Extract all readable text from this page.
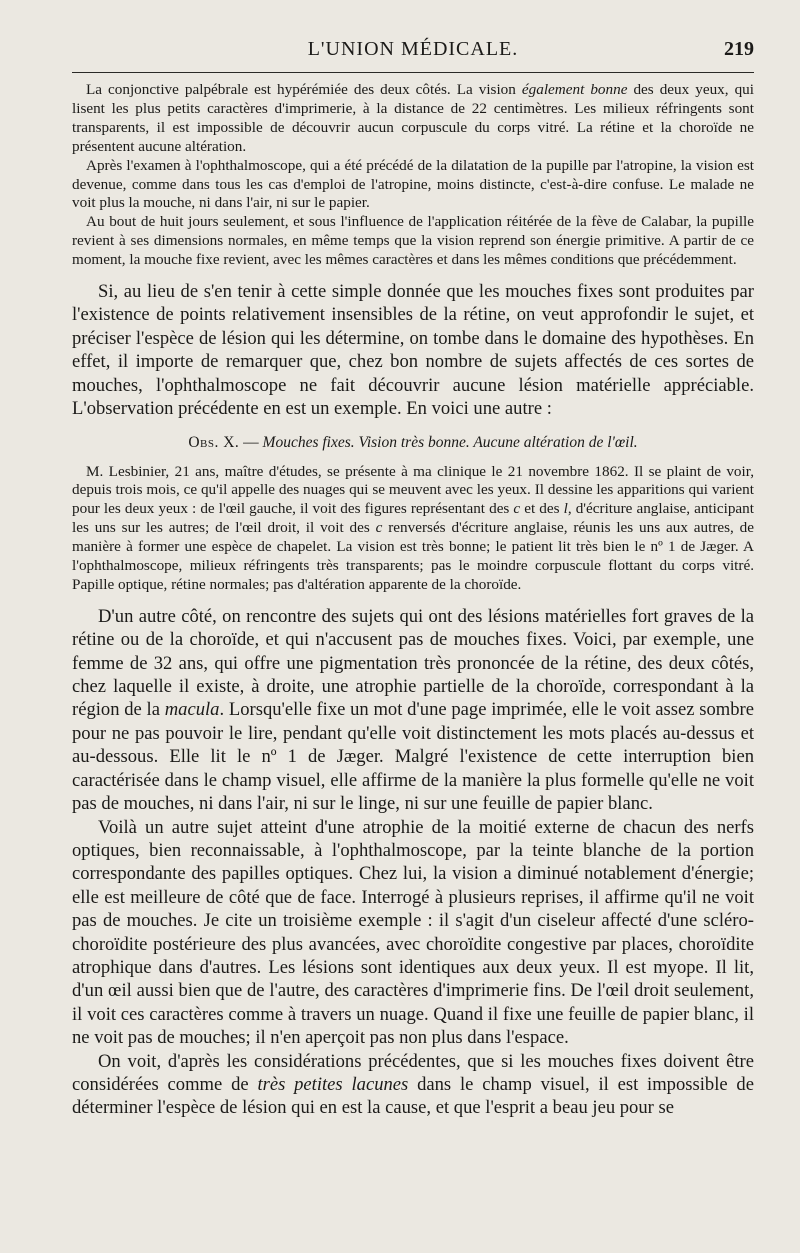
L'UNION MÉDICALE.	219

La conjonctive palpébrale est hypérémiée des deux côtés. La vision également bonne des deux yeux, qui lisent les plus petits caractères d'imprimerie, à la distance de 22 centimètres. Les milieux réfringents sont transparents, il est impossible de découvrir aucun corpuscule du corps vitré. La rétine et la choroïde ne présentent aucune altération.

Après l'examen à l'ophthalmoscope, qui a été précédé de la dilatation de la pupille par l'atropine, la vision est devenue, comme dans tous les cas d'emploi de l'atropine, moins distincte, c'est-à-dire confuse. Le malade ne voit plus la mouche, ni dans l'air, ni sur le papier.

Au bout de huit jours seulement, et sous l'influence de l'application réitérée de la fève de Calabar, la pupille revient à ses dimensions normales, en même temps que la vision reprend son énergie primitive. A partir de ce moment, la mouche fixe revient, avec les mêmes caractères et dans les mêmes conditions que précédemment.

Si, au lieu de s'en tenir à cette simple donnée que les mouches fixes sont produites par l'existence de points relativement insensibles de la rétine, on veut approfondir le sujet, et préciser l'espèce de lésion qui les détermine, on tombe dans le domaine des hypothèses. En effet, il importe de remarquer que, chez bon nombre de sujets affectés de ces sortes de mouches, l'ophthalmoscope ne fait découvrir aucune lésion matérielle appréciable. L'observation précédente en est un exemple. En voici une autre :

Obs. X. — Mouches fixes. Vision très bonne. Aucune altération de l'œil.

M. Lesbinier, 21 ans, maître d'études, se présente à ma clinique le 21 novembre 1862. Il se plaint de voir, depuis trois mois, ce qu'il appelle des nuages qui se meuvent avec les yeux. Il dessine les apparitions qui varient pour les deux yeux : de l'œil gauche, il voit des figures représentant des c et des l, d'écriture anglaise, anticipant les uns sur les autres; de l'œil droit, il voit des c renversés d'écriture anglaise, réunis les uns aux autres, de manière à former une espèce de chapelet. La vision est très bonne; le patient lit très bien le nº 1 de Jæger. A l'ophthalmoscope, milieux réfringents très transparents; pas le moindre corpuscule flottant du corps vitré. Papille optique, rétine normales; pas d'altération apparente de la choroïde.

D'un autre côté, on rencontre des sujets qui ont des lésions matérielles fort graves de la rétine ou de la choroïde, et qui n'accusent pas de mouches fixes. Voici, par exemple, une femme de 32 ans, qui offre une pigmentation très prononcée de la rétine, des deux côtés, chez laquelle il existe, à droite, une atrophie partielle de la choroïde, correspondant à la région de la macula. Lorsqu'elle fixe un mot d'une page imprimée, elle le voit assez sombre pour ne pas pouvoir le lire, pendant qu'elle voit distinctement les mots placés au-dessus et au-dessous. Elle lit le nº 1 de Jæger. Malgré l'existence de cette interruption bien caractérisée dans le champ visuel, elle affirme de la manière la plus formelle qu'elle ne voit pas de mouches, ni dans l'air, ni sur le linge, ni sur une feuille de papier blanc.

Voilà un autre sujet atteint d'une atrophie de la moitié externe de chacun des nerfs optiques, bien reconnaissable, à l'ophthalmoscope, par la teinte blanche de la portion correspondante des papilles optiques. Chez lui, la vision a diminué notablement d'énergie; elle est meilleure de côté que de face. Interrogé à plusieurs reprises, il affirme qu'il ne voit pas de mouches. Je cite un troisième exemple : il s'agit d'un ciseleur affecté d'une scléro-choroïdite postérieure des plus avancées, avec choroïdite congestive par places, choroïdite atrophique dans d'autres. Les lésions sont identiques aux deux yeux. Il est myope. Il lit, d'un œil aussi bien que de l'autre, des caractères d'imprimerie fins. De l'œil droit seulement, il voit ces caractères comme à travers un nuage. Quand il fixe une feuille de papier blanc, il ne voit pas de mouches; il n'en aperçoit pas non plus dans l'espace.

On voit, d'après les considérations précédentes, que si les mouches fixes doivent être considérées comme de très petites lacunes dans le champ visuel, il est impossible de déterminer l'espèce de lésion qui en est la cause, et que l'esprit a beau jeu pour se
